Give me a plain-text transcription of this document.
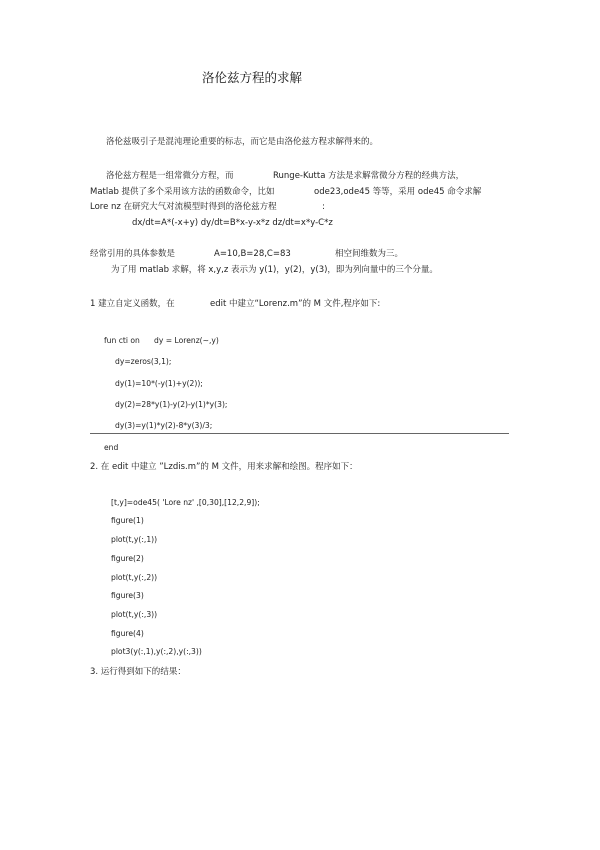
洛伦兹方程的求解
洛伦兹吸引子是混沌理论重要的标志，而它是由洛伦兹方程求解得来的。
洛伦兹方程是一组常微分方程，而	Runge-Kutta 方法是求解常微分方程的经典方法，
Matlab 提供了多个采用该方法的函数命令，比如	ode23,ode45 等等，采用 ode45 命令求解
Lore nz 在研究大气对流模型时得到的洛伦兹方程	:
dx/dt=A*(-x+y) dy/dt=B*x-y-x*z dz/dt=x*y-C*z
经常引用的具体参数是	A=10,B=28,C=83	相空间维数为三。
为了用 matlab 求解，将 x,y,z 表示为 y(1)，y(2)，y(3)，即为列向量中的三个分量。
1 建立自定义函数，在	edit 中建立“Lorenz.m”的 M 文件,程序如下:
fun cti on dy = Lorenz(~,y)
dy=zeros(3,1);
dy(1)=10*(-y(1)+y(2));
dy(2)=28*y(1)-y(2)-y(1)*y(3);
dy(3)=y(1)*y(2)-8*y(3)/3;
end
2. 在 edit 中建立 ”Lzdis.m”的 M 文件，用来求解和绘图。程序如下：
[t,y]=ode45( 'Lore nz' ,[0,30],[12,2,9]);
figure(1)
plot(t,y(:,1))
figure(2)
plot(t,y(:,2))
figure(3)
plot(t,y(:,3))
figure(4)
plot3(y(:,1),y(:,2),y(:,3))
3. 运行得到如下的结果：
